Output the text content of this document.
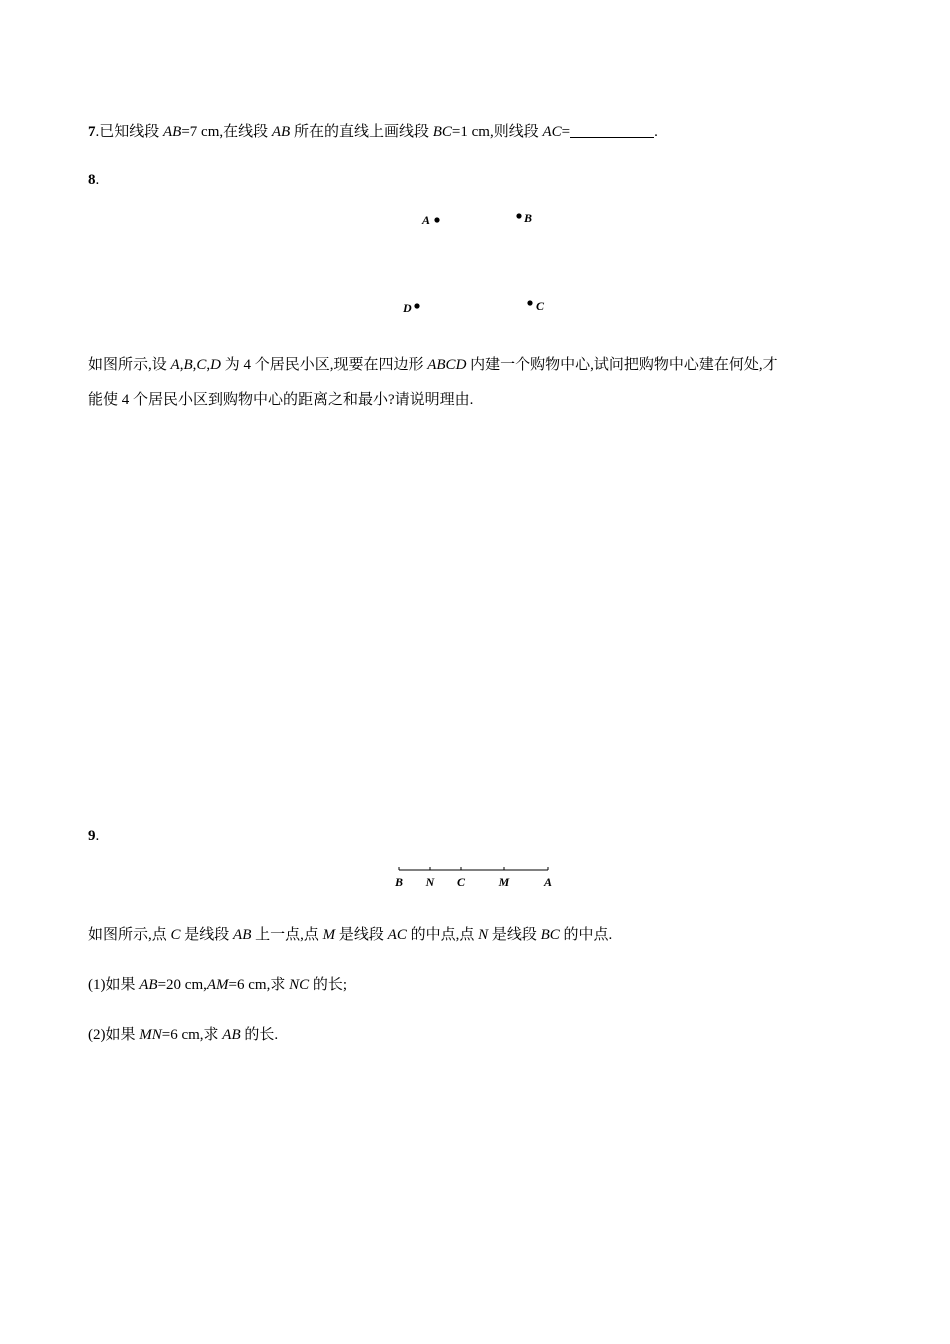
7.已知线段 AB=7 cm,在线段 AB 所在的直线上画线段 BC=1 cm,则线段 AC=	.
8.
A	B
D	C
如图所示,设 A,B,C,D 为 4 个居民小区,现要在四边形 ABCD 内建一个购物中心,试问把购物中心建在何处,才
能使 4 个居民小区到购物中心的距离之和最小?请说明理由.
9.
B N C	M	A
如图所示,点 C 是线段 AB 上一点,点 M 是线段 AC 的中点,点 N 是线段 BC 的中点.
(1)如果 AB=20 cm,AM=6 cm,求 NC 的长;
(2)如果 MN=6 cm,求 AB 的长.
